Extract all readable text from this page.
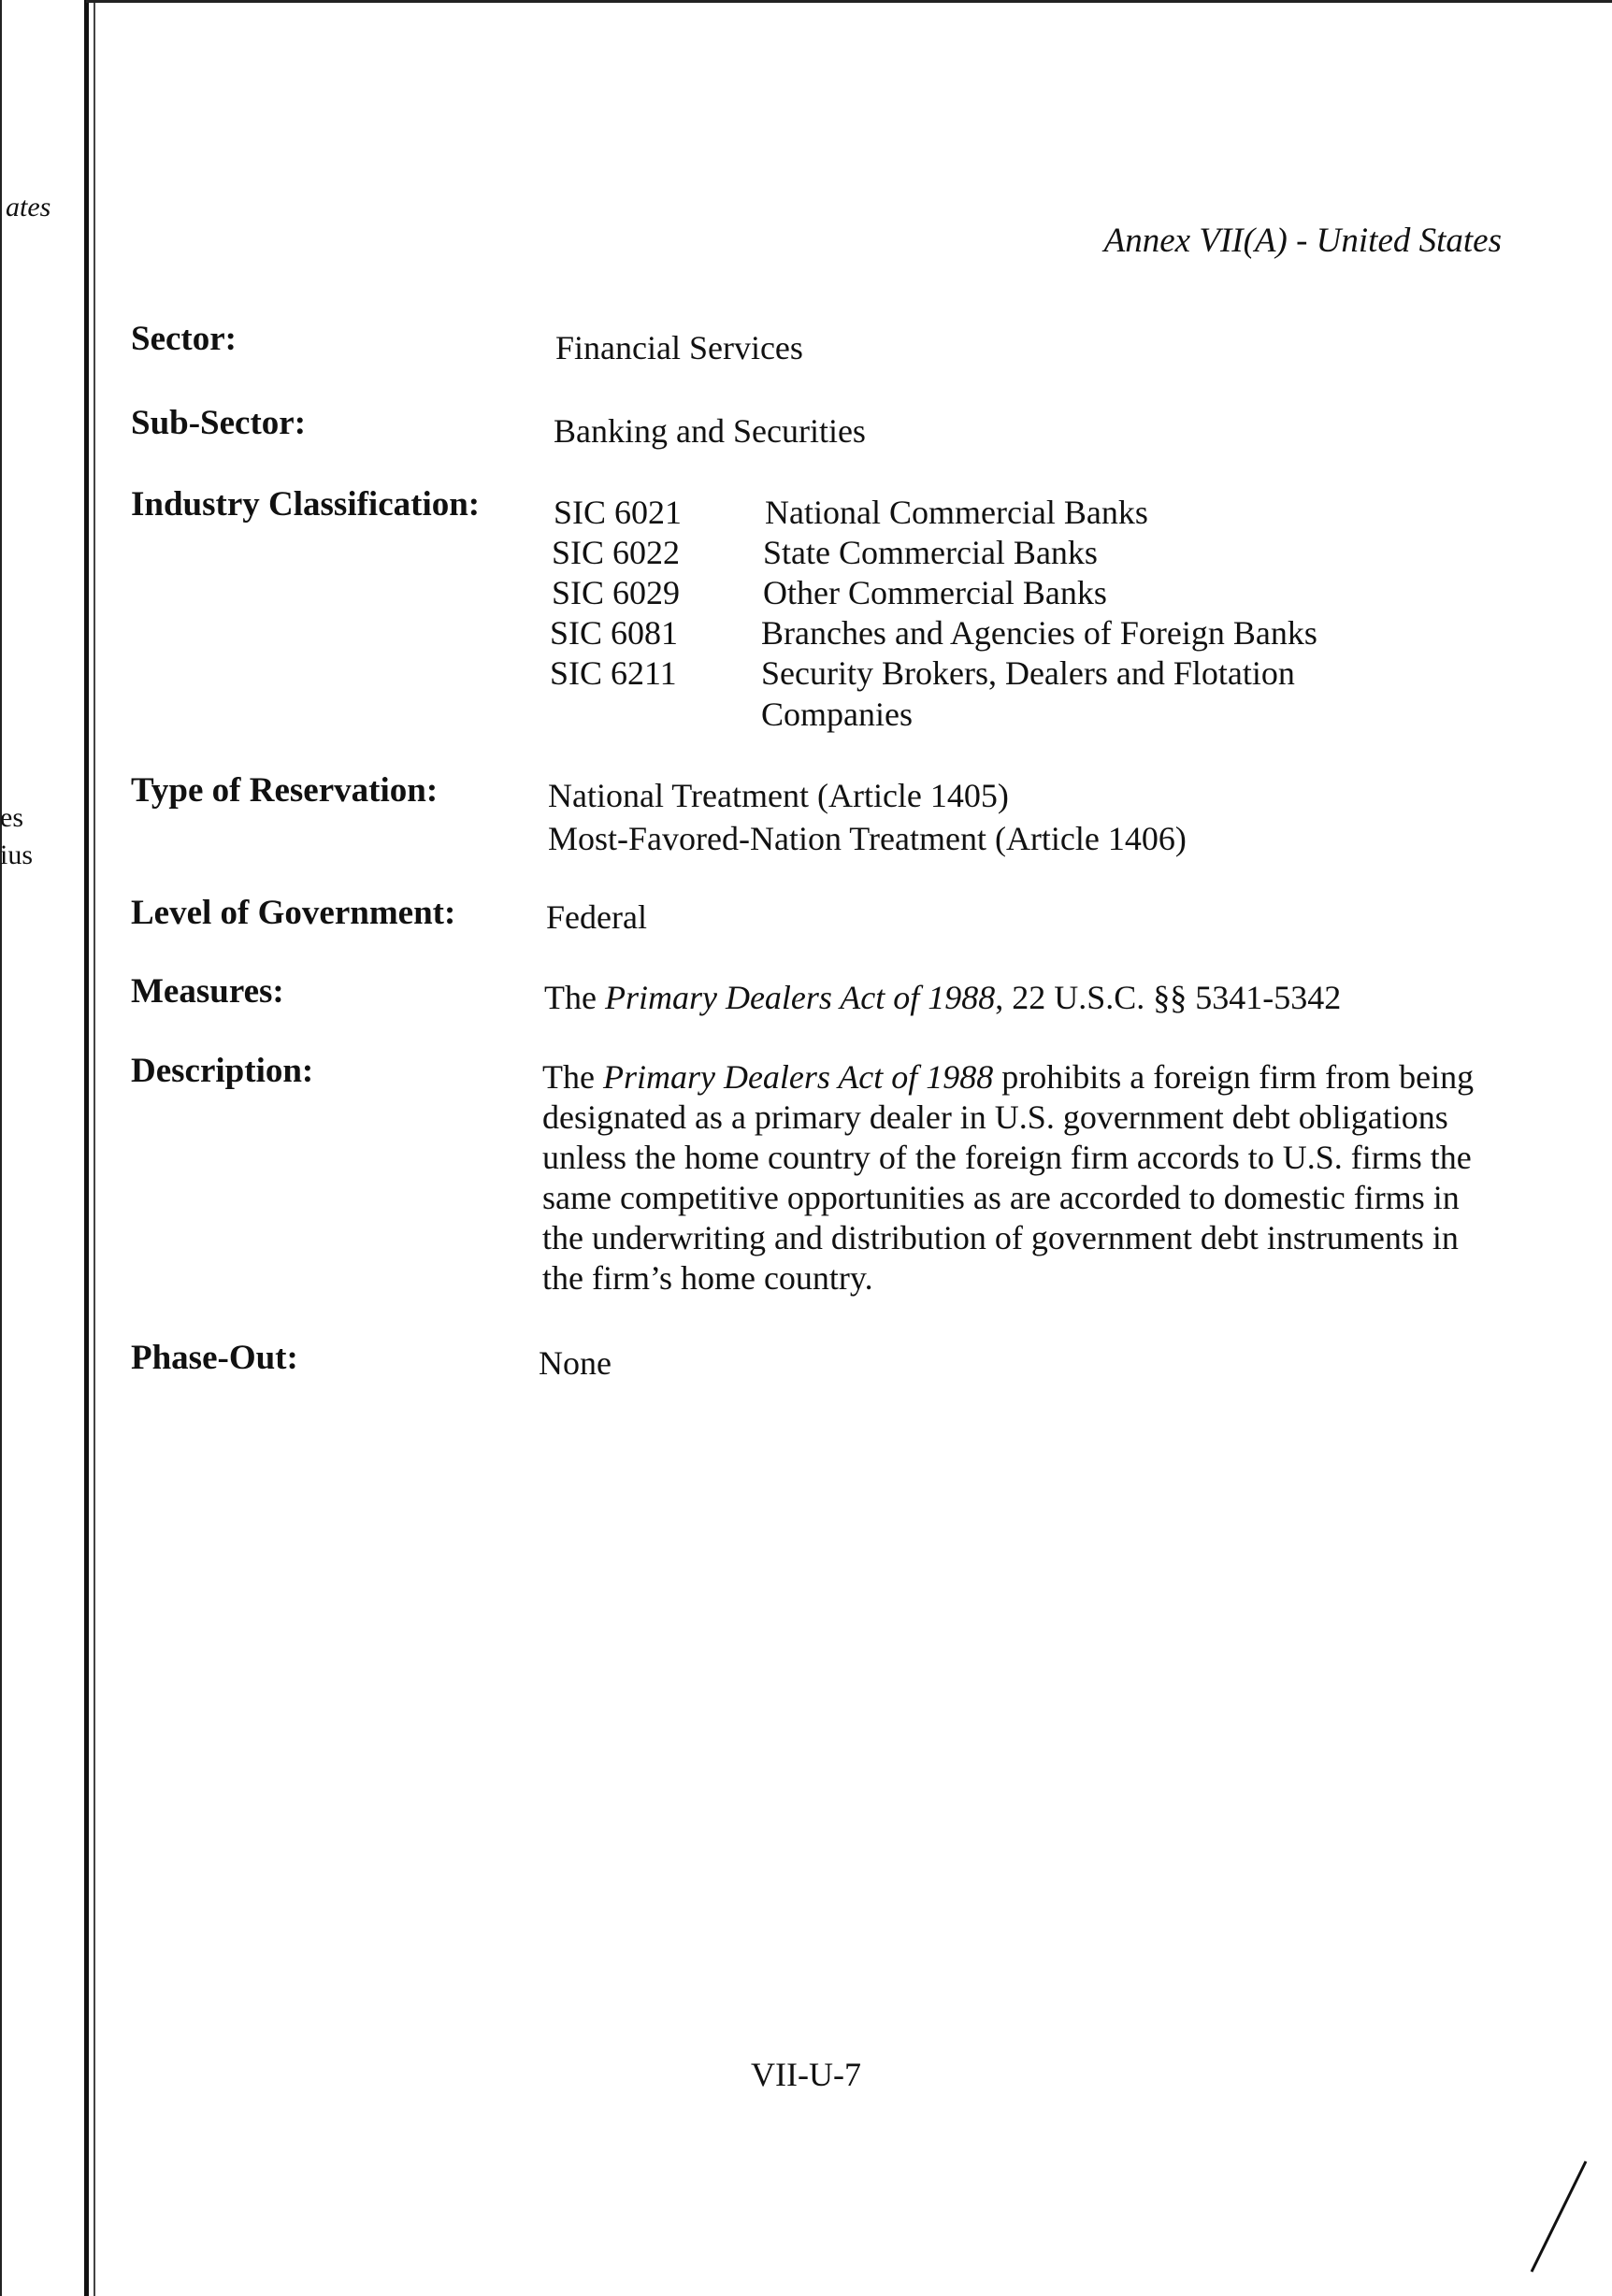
ates
es
ius
Annex VII(A) - United States
Sector:	Financial Services
Sub-Sector:	Banking and Securities
Industry Classification: SIC 6021 National Commercial Banks
SIC 6022 State Commercial Banks
SIC 6029 Other Commercial Banks
SIC 6081 Branches and Agencies of Foreign Banks
SIC 6211	Security Brokers, Dealers and Flotation Companies
Type of Reservation:	National Treatment (Article 1405)
Most-Favored-Nation Treatment (Article 1406)
Level of Government:	Federal
Measures:	The Primary Dealers Act of 1988, 22 U.S.C. §§ 5341-5342
Description:	The Primary Dealers Act of 1988 prohibits a foreign firm from being designated as a primary dealer in U.S. government debt obligations unless the home country of the foreign firm accords to U.S. firms the same competitive opportunities as are accorded to domestic firms in the underwriting and distribution of government debt instruments in the firm’s home country.
Phase-Out:	None
VII-U-7
